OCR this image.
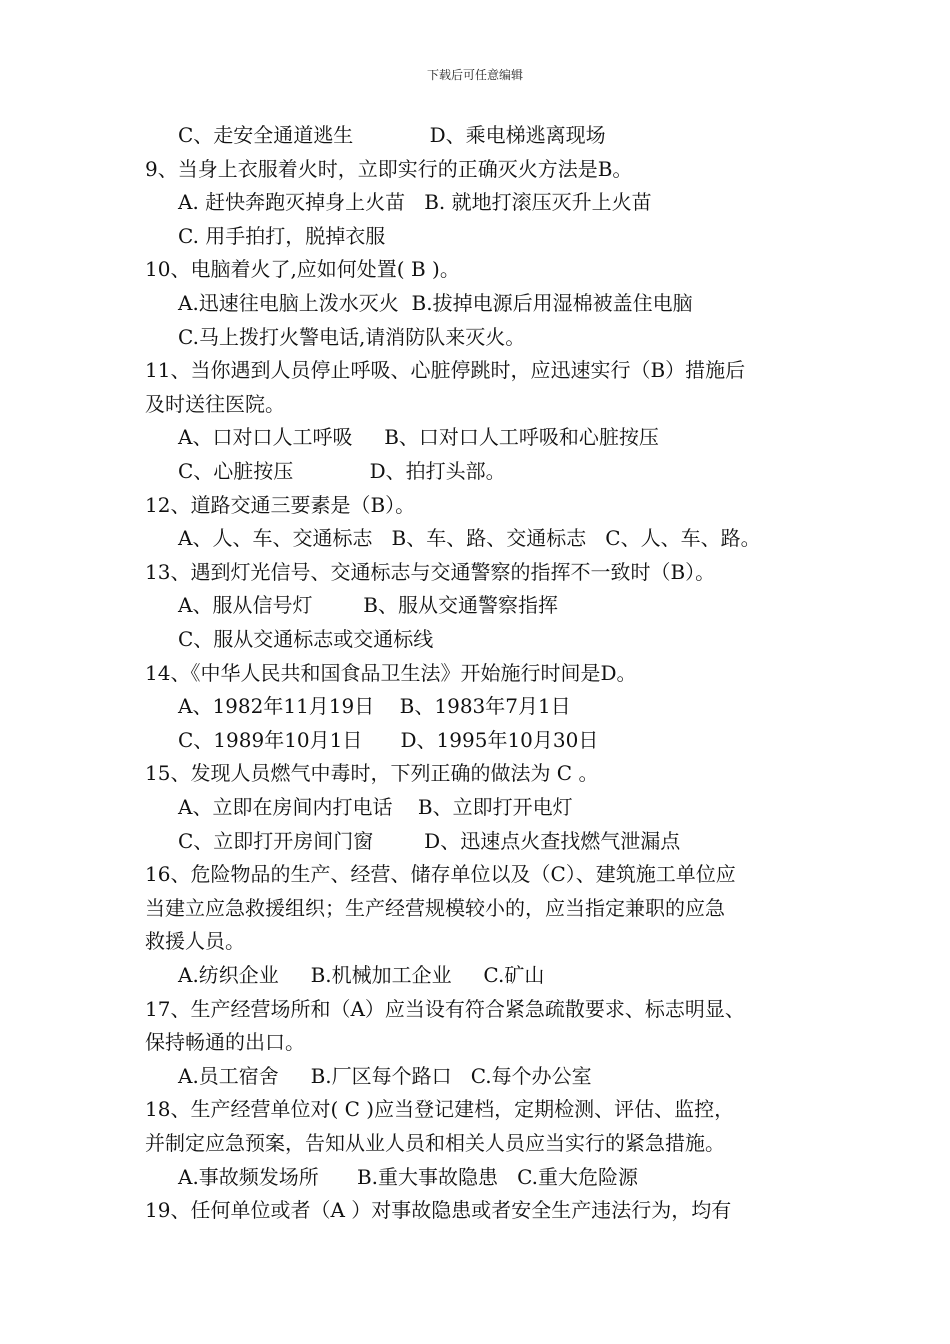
下载后可任意编辑
C、走安全通道逃生            D、乘电梯逃离现场
9、当身上衣服着火时，立即实行的正确灭火方法是B。
A. 赶快奔跑灭掉身上火苗   B. 就地打滚压灭升上火苗
C. 用手拍打，脱掉衣服
10、电脑着火了,应如何处置( B )。
A.迅速往电脑上泼水灭火  B.拔掉电源后用湿棉被盖住电脑
C.马上拨打火警电话,请消防队来灭火。
11、当你遇到人员停止呼吸、心脏停跳时，应迅速实行（B）措施后
及时送往医院。
A、口对口人工呼吸     B、口对口人工呼吸和心脏按压
C、心脏按压            D、拍打头部。
12、道路交通三要素是（B）。
A、人、车、交通标志   B、车、路、交通标志   C、人、车、路。
13、遇到灯光信号、交通标志与交通警察的指挥不一致时（B）。
A、服从信号灯        B、服从交通警察指挥
C、服从交通标志或交通标线
14、《中华人民共和国食品卫生法》开始施行时间是D。
A、1982年11月19日    B、1983年7月1日
C、1989年10月1日      D、1995年10月30日
15、发现人员燃气中毒时，下列正确的做法为 C 。
A、立即在房间内打电话    B、立即打开电灯
C、立即打开房间门窗        D、迅速点火查找燃气泄漏点
16、危险物品的生产、经营、储存单位以及（C）、建筑施工单位应
当建立应急救援组织；生产经营规模较小的，应当指定兼职的应急
救援人员。
A.纺织企业     B.机械加工企业     C.矿山
17、生产经营场所和（A）应当设有符合紧急疏散要求、标志明显、
保持畅通的出口。
A.员工宿舍     B.厂区每个路口   C.每个办公室
18、生产经营单位对( C )应当登记建档，定期检测、评估、监控，
并制定应急预案，告知从业人员和相关人员应当实行的紧急措施。
A.事故频发场所      B.重大事故隐患   C.重大危险源
19、任何单位或者（A ）对事故隐患或者安全生产违法行为，均有
